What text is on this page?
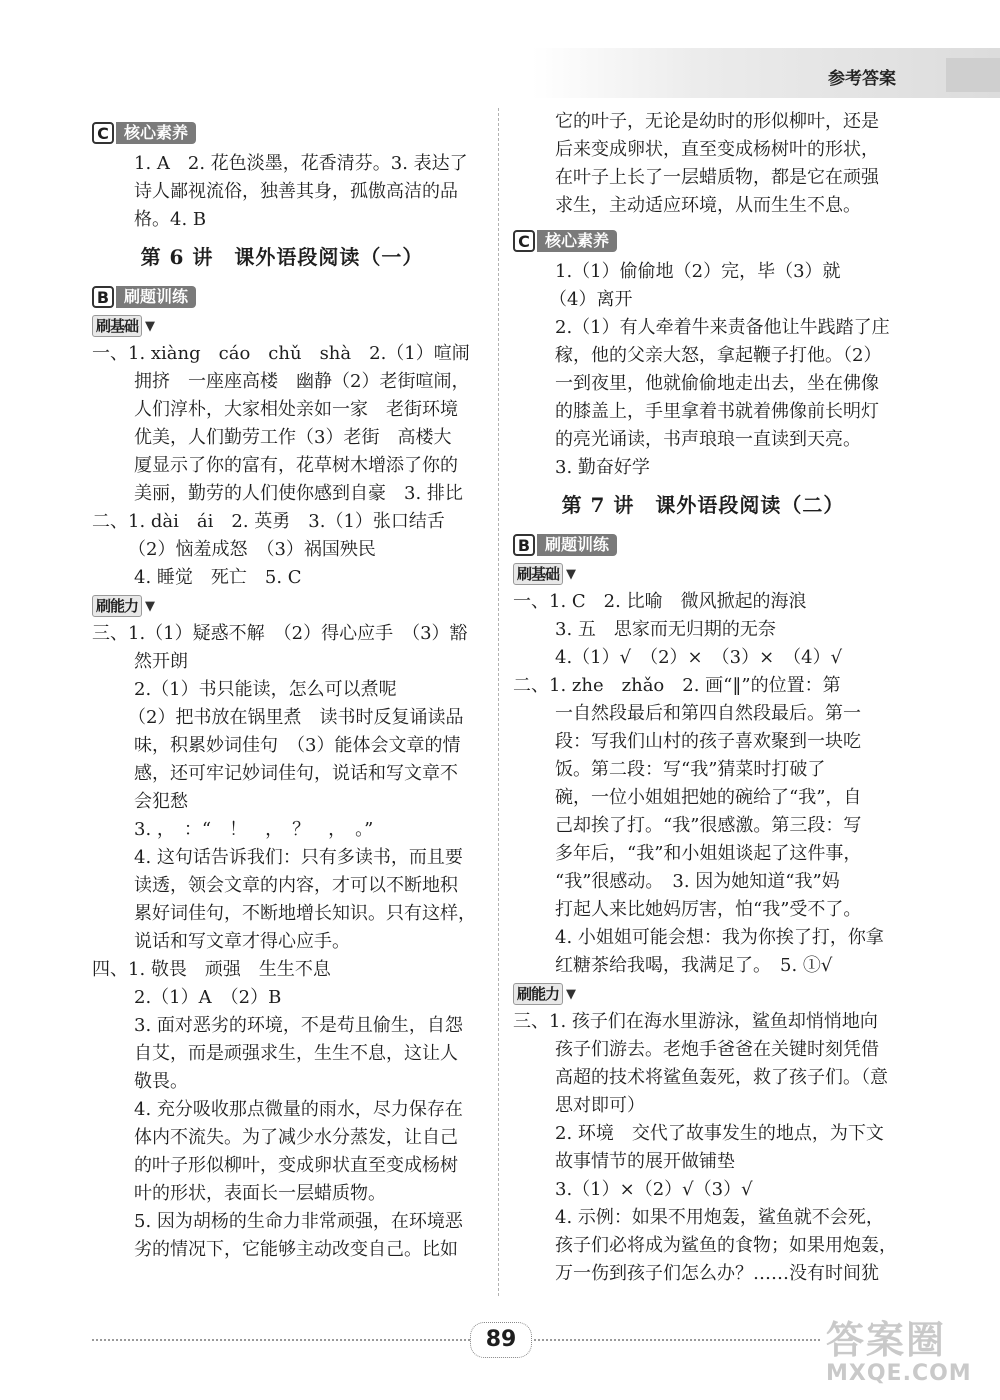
参考答案
C 核心素养
1. A　2. 花色淡墨，花香清芬。3. 表达了
诗人鄙视流俗，独善其身，孤傲高洁的品
格。4. B
第 6 讲　课外语段阅读（一）
B 刷题训练
刷基础 ▼
一、1. xiàng　cáo　chǔ　shà　2.（1）喧闹
拥挤　一座座高楼　幽静（2）老街喧闹，
人们淳朴，大家相处亲如一家　老街环境
优美，人们勤劳工作（3）老街　高楼大
厦显示了你的富有，花草树木增添了你的
美丽，勤劳的人们使你感到自豪　3. 排比
二、1. dài　ái　2. 英勇　3.（1）张口结舌
（2）恼羞成怒　（3）祸国殃民
4. 睡觉　死亡　5. C
刷能力 ▼
三、1.（1）疑惑不解　（2）得心应手　（3）豁
然开朗
2.（1）书只能读，怎么可以煮呢
（2）把书放在锅里煮　读书时反复诵读品
味，积累妙词佳句　（3）能体会文章的情
感，还可牢记妙词佳句，说话和写文章不
会犯愁
3. ，　：“　！　，　？　，　。”
4. 这句话告诉我们：只有多读书，而且要
读透，领会文章的内容，才可以不断地积
累好词佳句，不断地增长知识。只有这样，
说话和写文章才得心应手。
四、1. 敬畏　顽强　生生不息
2.（1）A　（2）B
3. 面对恶劣的环境，不是苟且偷生，自怨
自艾，而是顽强求生，生生不息，这让人
敬畏。
4. 充分吸收那点微量的雨水，尽力保存在
体内不流失。为了减少水分蒸发，让自己
的叶子形似柳叶，变成卵状直至变成杨树
叶的形状，表面长一层蜡质物。
5. 因为胡杨的生命力非常顽强，在环境恶
劣的情况下，它能够主动改变自己。比如
它的叶子，无论是幼时的形似柳叶，还是
后来变成卵状，直至变成杨树叶的形状，
在叶子上长了一层蜡质物，都是它在顽强
求生，主动适应环境，从而生生不息。
C 核心素养
1.（1）偷偷地（2）完，毕（3）就
（4）离开
2.（1）有人牵着牛来责备他让牛践踏了庄
稼，他的父亲大怒，拿起鞭子打他。（2）
一到夜里，他就偷偷地走出去，坐在佛像
的膝盖上，手里拿着书就着佛像前长明灯
的亮光诵读，书声琅琅一直读到天亮。
3. 勤奋好学
第 7 讲　课外语段阅读（二）
B 刷题训练
刷基础 ▼
一、1. C　2. 比喻　微风掀起的海浪
3. 五　思家而无归期的无奈
4.（1）√　（2）×　（3）×　（4）√
二、1. zhe　zhǎo　2. 画“‖”的位置：第
一自然段最后和第四自然段最后。第一
段：写我们山村的孩子喜欢聚到一块吃
饭。第二段：写“我”猜菜时打破了
碗，一位小姐姐把她的碗给了“我”，自
己却挨了打。“我”很感激。第三段：写
多年后，“我”和小姐姐谈起了这件事，
“我”很感动。　3. 因为她知道“我”妈
打起人来比她妈厉害，怕“我”受不了。
4. 小姐姐可能会想：我为你挨了打，你拿
红糖茶给我喝，我满足了。　5. ①√
刷能力 ▼
三、1. 孩子们在海水里游泳，鲨鱼却悄悄地向
孩子们游去。老炮手爸爸在关键时刻凭借
高超的技术将鲨鱼轰死，救了孩子们。（意
思对即可）
2. 环境　交代了故事发生的地点，为下文
故事情节的展开做铺垫
3.（1）×（2）√（3）√
4. 示例：如果不用炮轰，鲨鱼就不会死，
孩子们必将成为鲨鱼的食物；如果用炮轰，
万一伤到孩子们怎么办？……没有时间犹
89	答案圈
MXQE.COM
